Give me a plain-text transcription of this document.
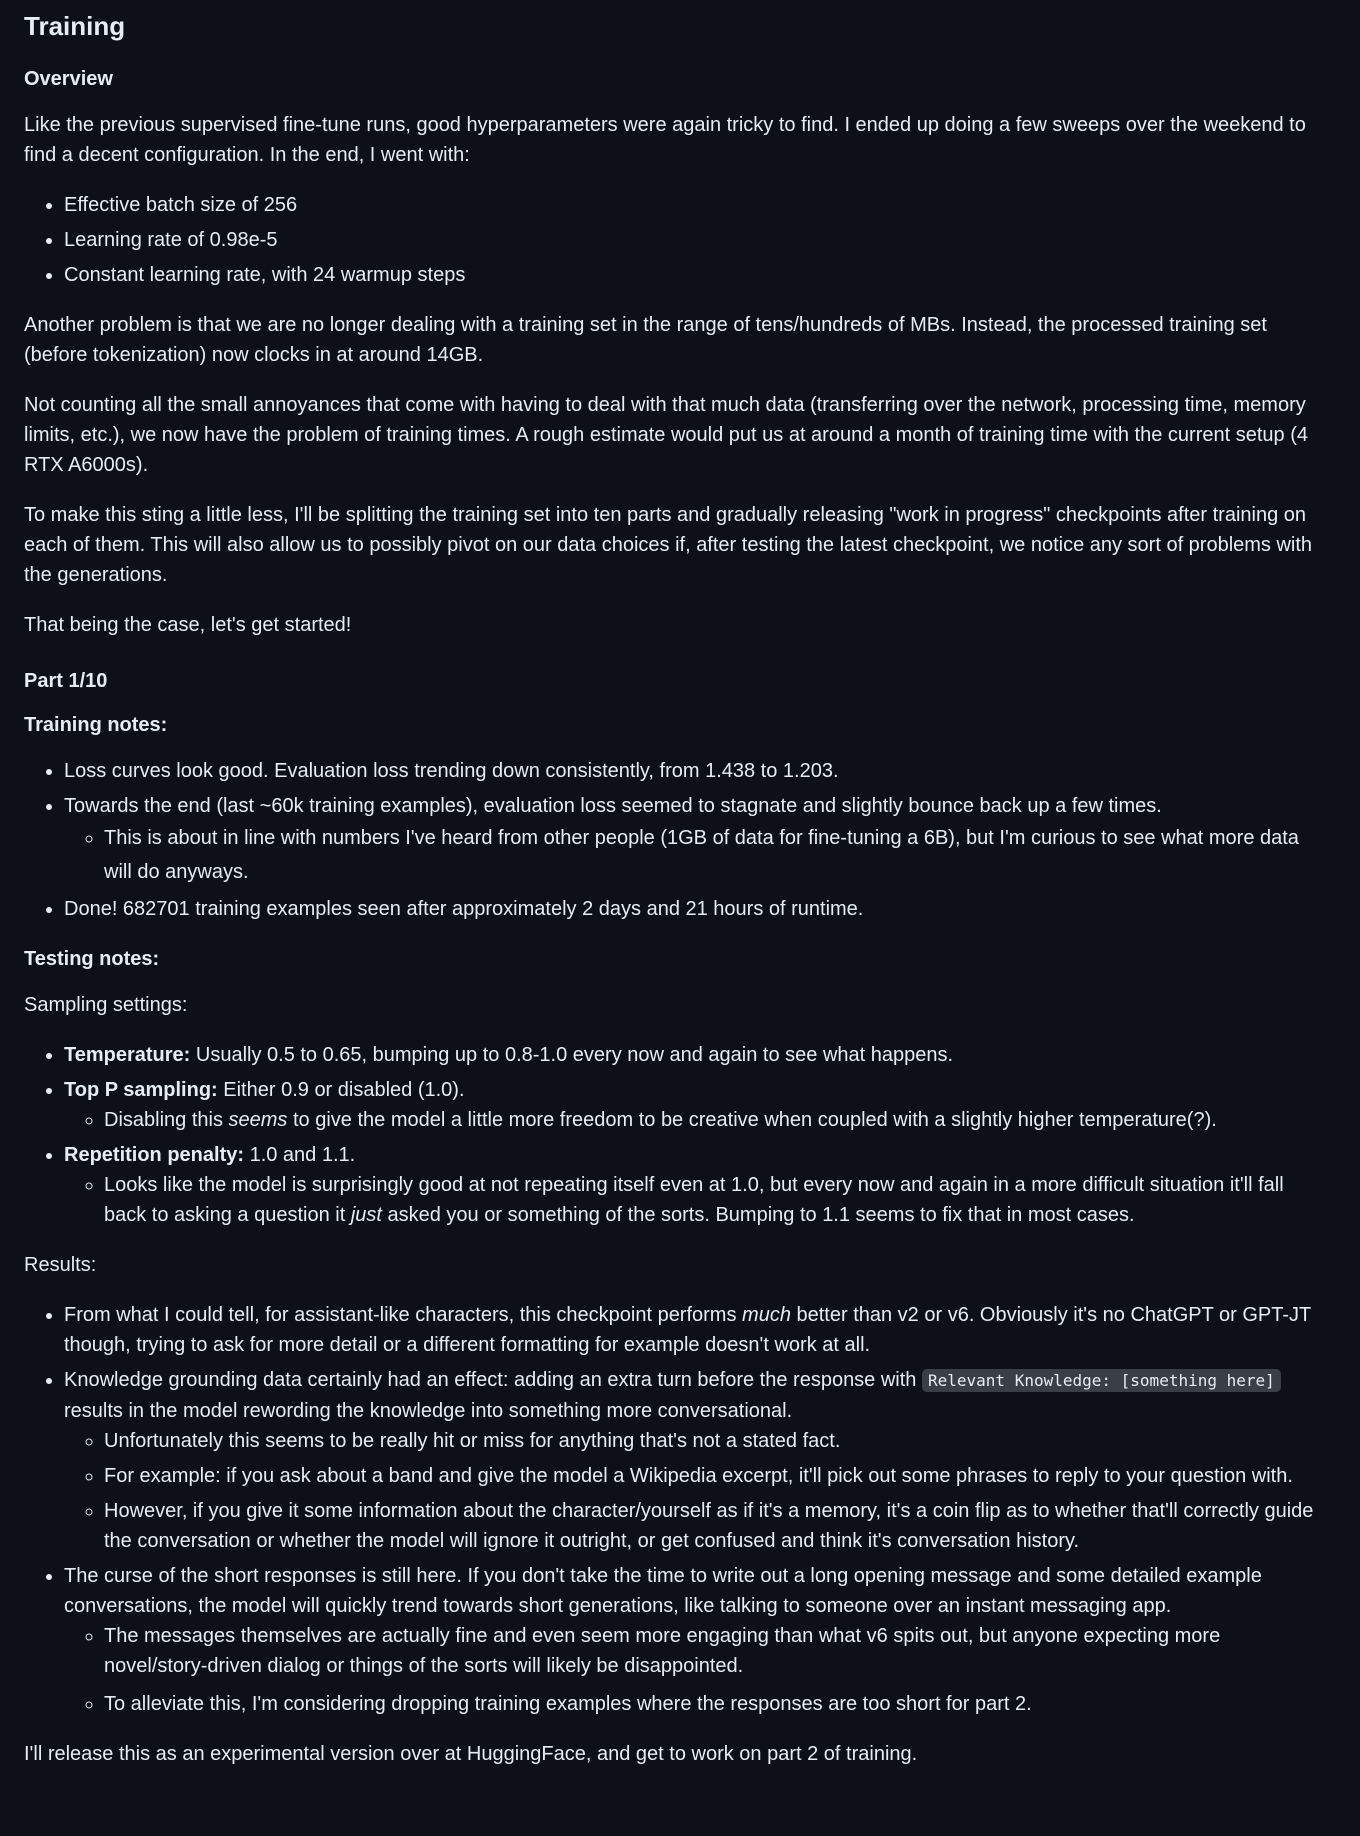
Training
Overview

Like the previous supervised fine-tune runs, good hyperparameters were again tricky to find. I ended up doing a few sweeps over the weekend to find a decent configuration. In the end, I went with:

• Effective batch size of 256
• Learning rate of 0.98e-5
• Constant learning rate, with 24 warmup steps

Another problem is that we are no longer dealing with a training set in the range of tens/hundreds of MBs. Instead, the processed training set (before tokenization) now clocks in at around 14GB.

Not counting all the small annoyances that come with having to deal with that much data (transferring over the network, processing time, memory limits, etc.), we now have the problem of training times. A rough estimate would put us at around a month of training time with the current setup (4 RTX A6000s).

To make this sting a little less, I'll be splitting the training set into ten parts and gradually releasing "work in progress" checkpoints after training on each of them. This will also allow us to possibly pivot on our data choices if, after testing the latest checkpoint, we notice any sort of problems with the generations.

That being the case, let's get started!

Part 1/10
Training notes:
• Loss curves look good. Evaluation loss trending down consistently, from 1.438 to 1.203.
• Towards the end (last ~60k training examples), evaluation loss seemed to stagnate and slightly bounce back up a few times.
◦ This is about in line with numbers I've heard from other people (1GB of data for fine-tuning a 6B), but I'm curious to see what more data will do anyways.
• Done! 682701 training examples seen after approximately 2 days and 21 hours of runtime.
Testing notes:

Sampling settings:

• Temperature: Usually 0.5 to 0.65, bumping up to 0.8-1.0 every now and again to see what happens.
• Top P sampling: Either 0.9 or disabled (1.0).
◦ Disabling this seems to give the model a little more freedom to be creative when coupled with a slightly higher temperature(?).
• Repetition penalty: 1.0 and 1.1.
◦ Looks like the model is surprisingly good at not repeating itself even at 1.0, but every now and again in a more difficult situation it'll fall back to asking a question it just asked you or something of the sorts. Bumping to 1.1 seems to fix that in most cases.

Results:

• From what I could tell, for assistant-like characters, this checkpoint performs much better than v2 or v6. Obviously it's no ChatGPT or GPT-JT though, trying to ask for more detail or a different formatting for example doesn't work at all.
• Knowledge grounding data certainly had an effect: adding an extra turn before the response with Relevant Knowledge: [something here] results in the model rewording the knowledge into something more conversational.
◦ Unfortunately this seems to be really hit or miss for anything that's not a stated fact.
◦ For example: if you ask about a band and give the model a Wikipedia excerpt, it'll pick out some phrases to reply to your question with.
◦ However, if you give it some information about the character/yourself as if it's a memory, it's a coin flip as to whether that'll correctly guide the conversation or whether the model will ignore it outright, or get confused and think it's conversation history.
• The curse of the short responses is still here. If you don't take the time to write out a long opening message and some detailed example conversations, the model will quickly trend towards short generations, like talking to someone over an instant messaging app.
◦ The messages themselves are actually fine and even seem more engaging than what v6 spits out, but anyone expecting more novel/story-driven dialog or things of the sorts will likely be disappointed.
◦ To alleviate this, I'm considering dropping training examples where the responses are too short for part 2.

I'll release this as an experimental version over at HuggingFace, and get to work on part 2 of training.
